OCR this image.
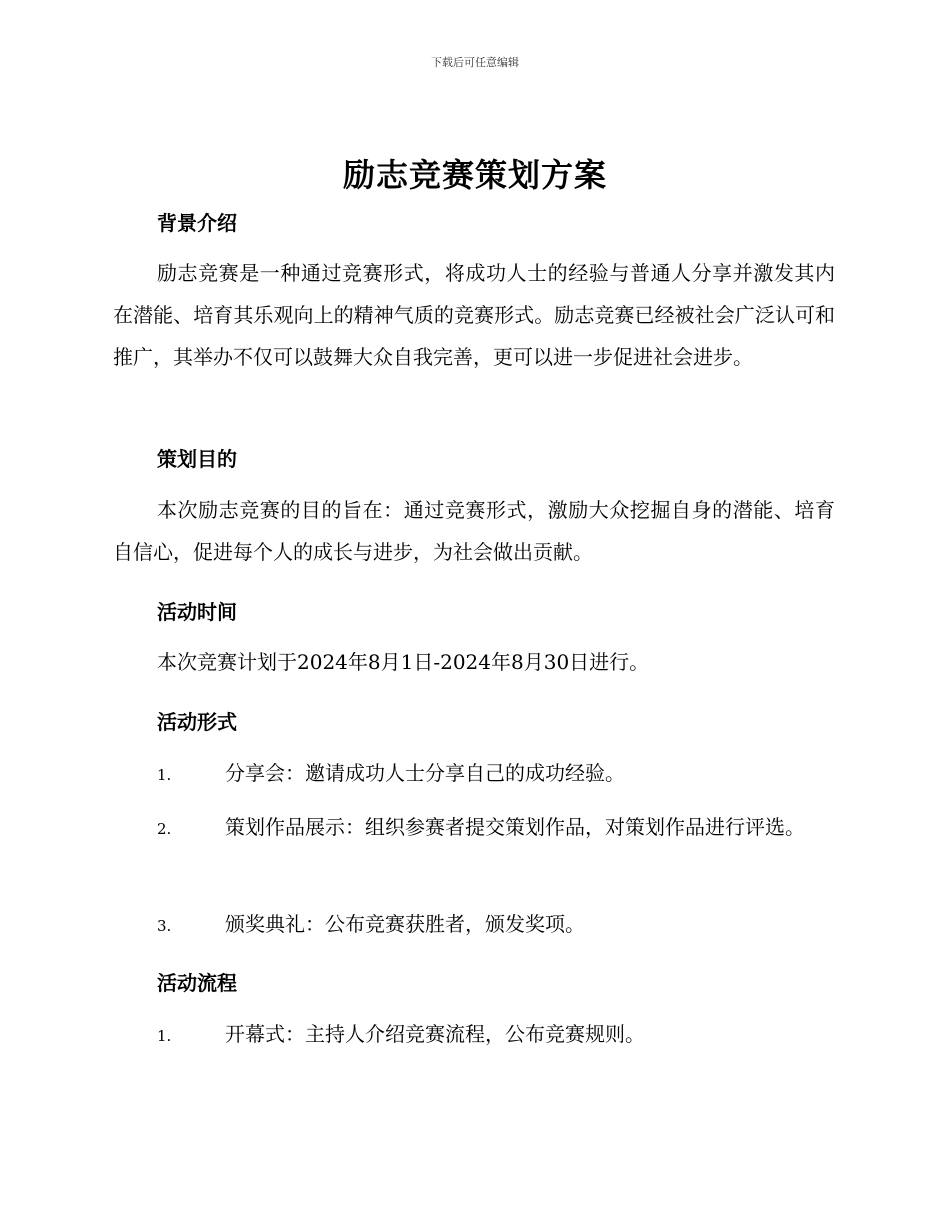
下载后可任意编辑
励志竞赛策划方案
背景介绍
励志竞赛是一种通过竞赛形式，将成功人士的经验与普通人分享并激发其内在潜能、培育其乐观向上的精神气质的竞赛形式。励志竞赛已经被社会广泛认可和推广，其举办不仅可以鼓舞大众自我完善，更可以进一步促进社会进步。
策划目的
本次励志竞赛的目的旨在：通过竞赛形式，激励大众挖掘自身的潜能、培育自信心，促进每个人的成长与进步，为社会做出贡献。
活动时间
本次竞赛计划于2024年8月1日-2024年8月30日进行。
活动形式
1.	分享会：邀请成功人士分享自己的成功经验。
2.	策划作品展示：组织参赛者提交策划作品，对策划作品进行评选。
3.	颁奖典礼：公布竞赛获胜者，颁发奖项。
活动流程
1.	开幕式：主持人介绍竞赛流程，公布竞赛规则。
